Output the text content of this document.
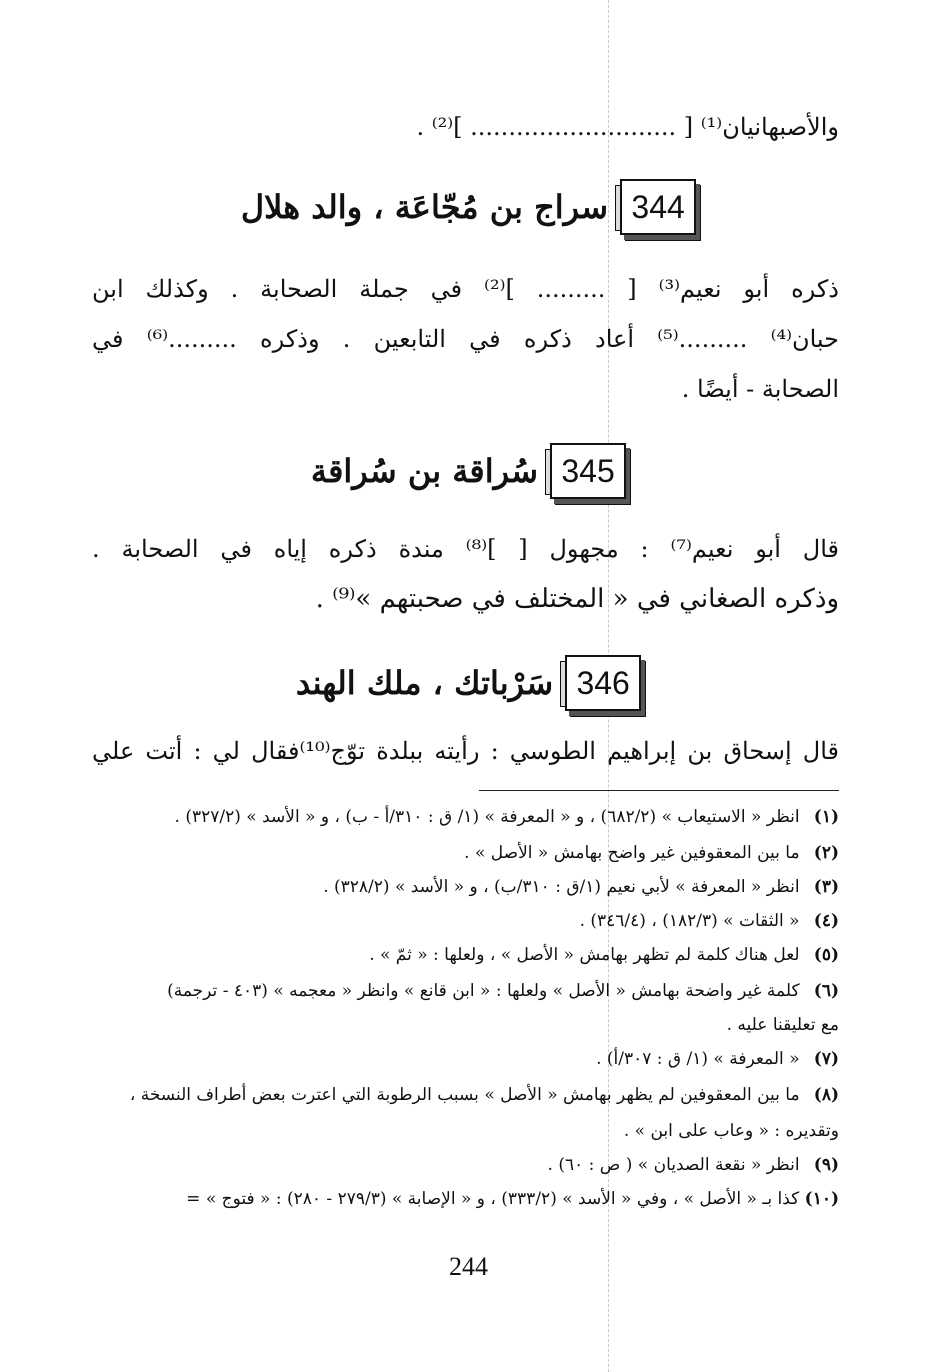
والأصبهانيان⁽¹⁾ [ ........................... ]⁽²⁾ .
سراج بن مُجّاعَة ، والد هلال 344
ذكره أبو نعيم⁽³⁾ [ ......... ]⁽²⁾ في جملة الصحابة . وكذلك ابن
حبان⁽⁴⁾ .........⁽⁵⁾ أعاد ذكره في التابعين . وذكره .........⁽⁶⁾ في
الصحابة - أيضًا .
سُراقة بن سُراقة 345
قال أبو نعيم⁽⁷⁾ : مجهول [ ]⁽⁸⁾ مندة ذكره إياه في الصحابة .
وذكره الصغاني في « المختلف في صحبتهم »⁽⁹⁾ .
سَرْباتك ، ملك الهند 346
قال إسحاق بن إبراهيم الطوسي : رأيته ببلدة توّج⁽¹⁰⁾فقال لي : أتت علي
(١) انظر « الاستيعاب » (٦٨٢/٢) ، و « المعرفة » (١/ ق : ٣١٠/أ - ب) ، و « الأسد » (٣٢٧/٢) .
(٢) ما بين المعقوفين غير واضح بهامش « الأصل » .
(٣) انظر « المعرفة » لأبي نعيم (١/ق : ٣١٠/ب) ، و « الأسد » (٣٢٨/٢) .
(٤) « الثقات » (١٨٢/٣) ، (٣٤٦/٤) .
(٥) لعل هناك كلمة لم تظهر بهامش « الأصل » ، ولعلها : « ثمّ » .
(٦) كلمة غير واضحة بهامش « الأصل » ولعلها : « ابن قانع » وانظر « معجمه » (٤٠٣ - ترجمة)
مع تعليقنا عليه .
(٧) « المعرفة » (١/ ق : ٣٠٧/أ) .
(٨) ما بين المعقوفين لم يظهر بهامش « الأصل » بسبب الرطوبة التي اعترت بعض أطراف النسخة ،
وتقديره : « وعاب على ابن » .
(٩) انظر « نقعة الصديان » ( ص : ٦٠) .
(١٠) كذا بـ « الأصل » ، وفي « الأسد » (٣٣٣/٢) ، و « الإصابة » (٢٧٩/٣ - ٢٨٠) : « فتوج » =
244
